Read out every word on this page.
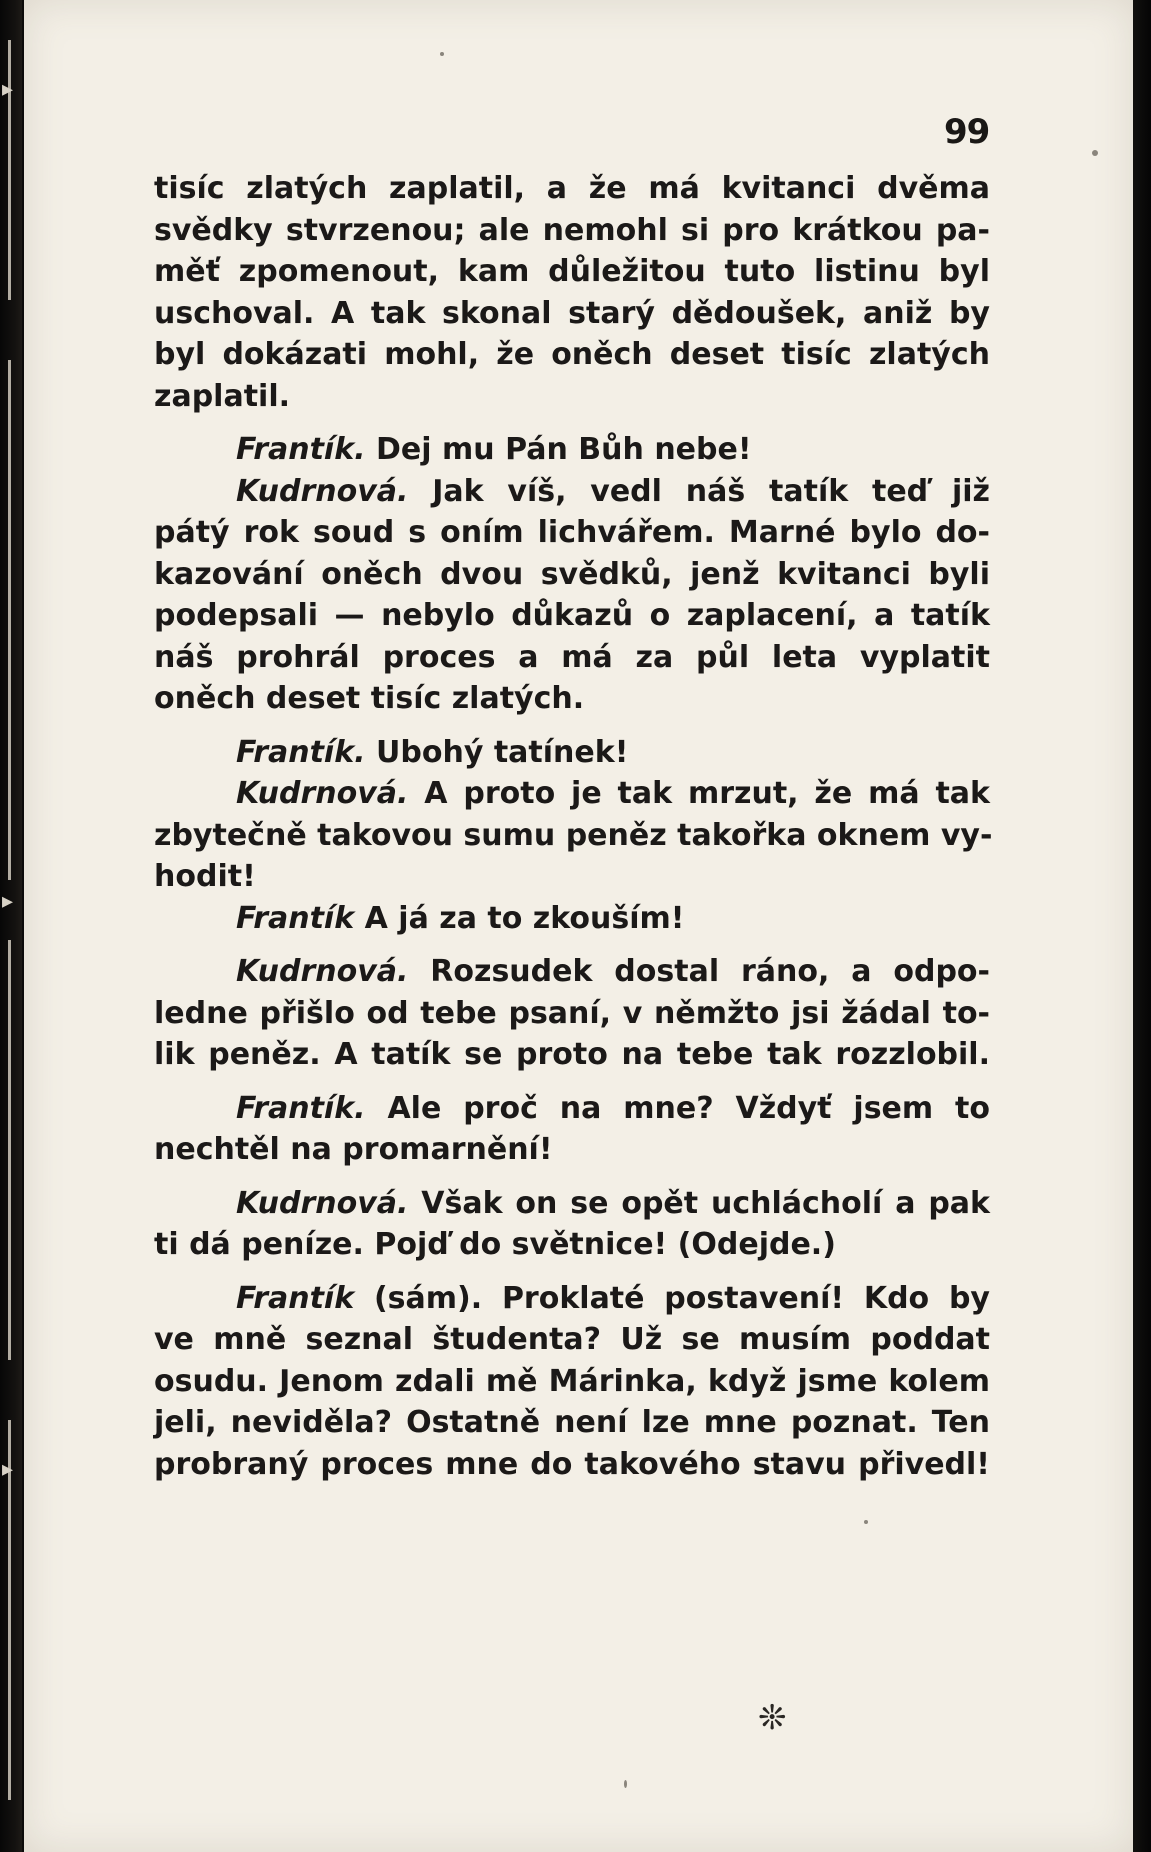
▸
▸
▸
99
tisíc zlatých zaplatil, a že má kvitanci dvěma
svědky stvrzenou; ale nemohl si pro krátkou pa-
měť zpomenout, kam důležitou tuto listinu byl
uschoval. A tak skonal starý dědoušek, aniž by
byl dokázati mohl, že oněch deset tisíc zlatých
zaplatil.
Frantík. Dej mu Pán Bůh nebe!
Kudrnová. Jak víš, vedl náš tatík teď již
pátý rok soud s oním lichvářem. Marné bylo do-
kazování oněch dvou svědků, jenž kvitanci byli
podepsali — nebylo důkazů o zaplacení, a tatík
náš prohrál proces a má za půl leta vyplatit
oněch deset tisíc zlatých.
Frantík. Ubohý tatínek!
Kudrnová. A proto je tak mrzut, že má tak
zbytečně takovou sumu peněz takořka oknem vy-
hodit!
Frantík A já za to zkouším!
Kudrnová. Rozsudek dostal ráno, a odpo-
ledne přišlo od tebe psaní, v němžto jsi žádal to-
lik peněz. A tatík se proto na tebe tak rozzlobil.
Frantík. Ale proč na mne? Vždyť jsem to
nechtěl na promarnění!
Kudrnová. Však on se opět uchlácholí a pak
ti dá peníze. Pojď do světnice! (Odejde.)
Frantík (sám). Proklaté postavení! Kdo by
ve mně seznal študenta? Už se musím poddat
osudu. Jenom zdali mě Márinka, když jsme kolem
jeli, neviděla? Ostatně není lze mne poznat. Ten
probraný proces mne do takového stavu přivedl!
❊
